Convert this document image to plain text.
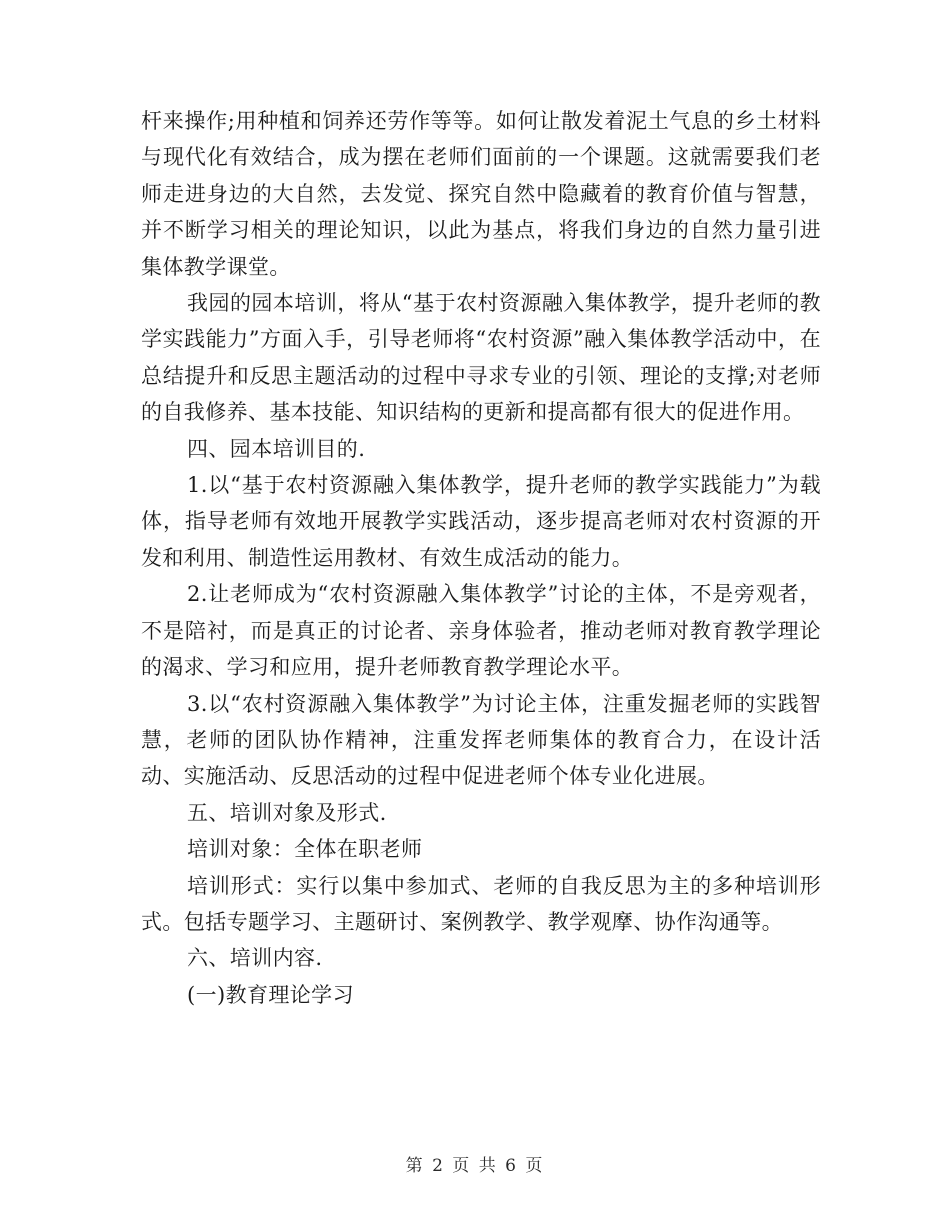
杆来操作;用种植和饲养还劳作等等。如何让散发着泥土气息的乡土材料与现代化有效结合，成为摆在老师们面前的一个课题。这就需要我们老师走进身边的大自然，去发觉、探究自然中隐藏着的教育价值与智慧，并不断学习相关的理论知识，以此为基点，将我们身边的自然力量引进集体教学课堂。

我园的园本培训，将从“基于农村资源融入集体教学，提升老师的教学实践能力”方面入手，引导老师将“农村资源”融入集体教学活动中，在总结提升和反思主题活动的过程中寻求专业的引领、理论的支撑;对老师的自我修养、基本技能、知识结构的更新和提高都有很大的促进作用。

四、园本培训目的.

1.以“基于农村资源融入集体教学，提升老师的教学实践能力”为载体，指导老师有效地开展教学实践活动，逐步提高老师对农村资源的开发和利用、制造性运用教材、有效生成活动的能力。

2.让老师成为“农村资源融入集体教学”讨论的主体，不是旁观者，不是陪衬，而是真正的讨论者、亲身体验者，推动老师对教育教学理论的渴求、学习和应用，提升老师教育教学理论水平。

3.以“农村资源融入集体教学”为讨论主体，注重发掘老师的实践智慧，老师的团队协作精神，注重发挥老师集体的教育合力，在设计活动、实施活动、反思活动的过程中促进老师个体专业化进展。

五、培训对象及形式.

培训对象：全体在职老师

培训形式：实行以集中参加式、老师的自我反思为主的多种培训形式。包括专题学习、主题研讨、案例教学、教学观摩、协作沟通等。

六、培训内容.

(一)教育理论学习

第 2 页 共 6 页
